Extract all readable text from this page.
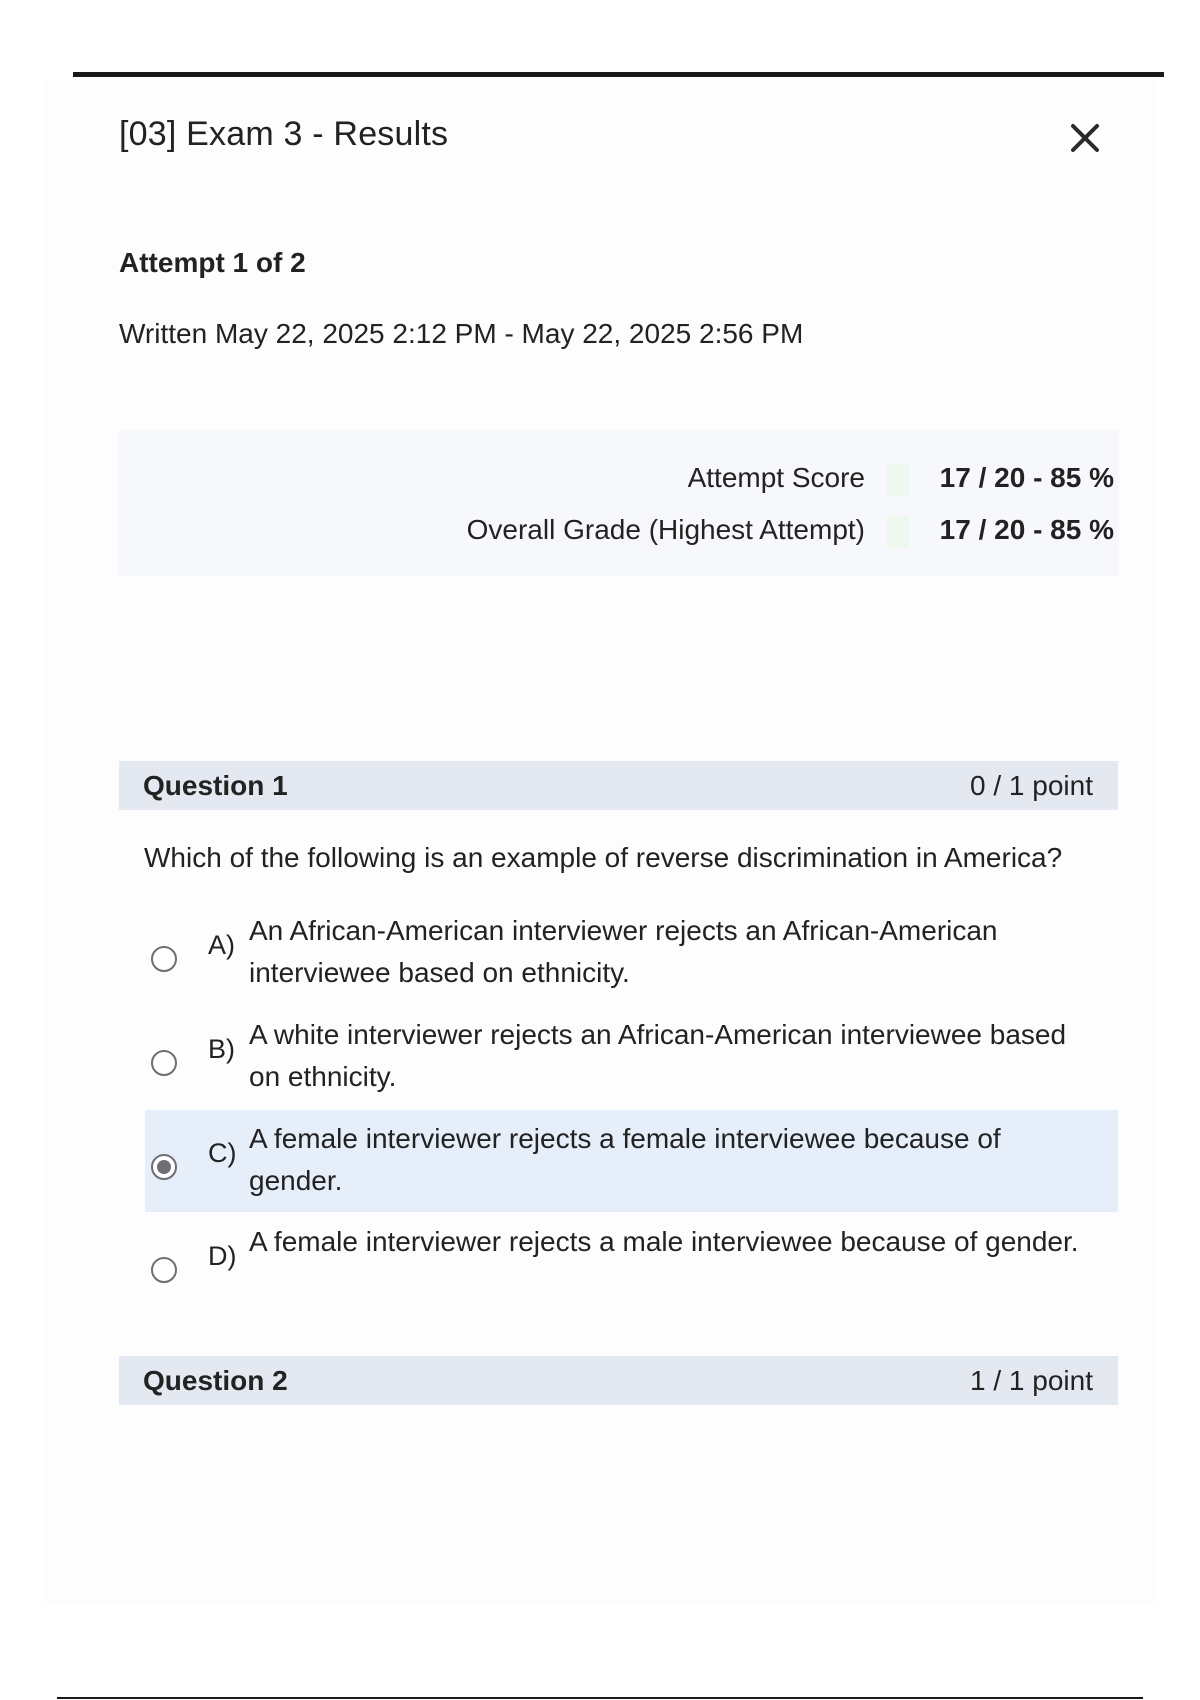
[03] Exam 3 - Results
Attempt 1 of 2
Written May 22, 2025 2:12 PM - May 22, 2025 2:56 PM
Attempt Score	17 / 20 - 85 %
Overall Grade (Highest Attempt)	17 / 20 - 85 %
Question 1	0 / 1 point
Which of the following is an example of reverse discrimination in America?
A) An African-American interviewer rejects an African-American interviewee based on ethnicity.
B) A white interviewer rejects an African-American interviewee based on ethnicity.
C) A female interviewer rejects a female interviewee because of gender.
D) A female interviewer rejects a male interviewee because of gender.
Question 2	1 / 1 point
